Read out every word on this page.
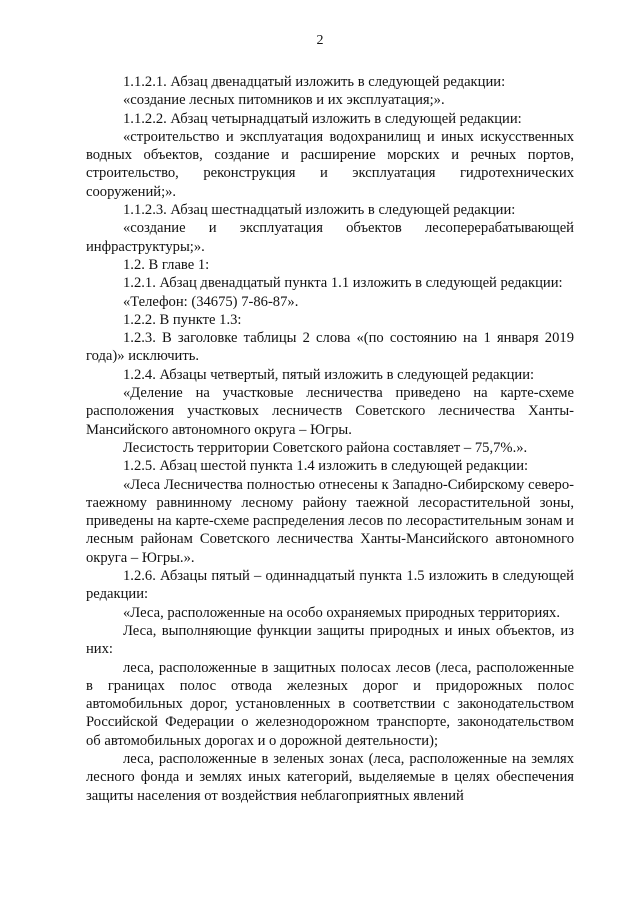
2

1.1.2.1. Абзац двенадцатый изложить в следующей редакции:

«создание лесных питомников и их эксплуатация;».

1.1.2.2. Абзац четырнадцатый изложить в следующей редакции:

«строительство и эксплуатация водохранилищ и иных искусственных водных объектов, создание и расширение морских и речных портов, строительство, реконструкция и эксплуатация гидротехнических сооружений;».

1.1.2.3. Абзац шестнадцатый изложить в следующей редакции:

«создание и эксплуатация объектов лесоперерабатывающей инфраструктуры;».

1.2. В главе 1:

1.2.1. Абзац двенадцатый пункта 1.1 изложить в следующей редакции:

«Телефон: (34675) 7-86-87».

1.2.2. В пункте 1.3:

1.2.3. В заголовке таблицы 2 слова «(по состоянию на 1 января 2019 года)» исключить.

1.2.4. Абзацы четвертый, пятый изложить в следующей редакции:

«Деление на участковые лесничества приведено на карте-схеме расположения участковых лесничеств Советского лесничества Ханты-Мансийского автономного округа – Югры.

Лесистость территории Советского района составляет – 75,7%.».

1.2.5. Абзац шестой пункта 1.4 изложить в следующей редакции:

«Леса Лесничества полностью отнесены к Западно-Сибирскому северо-таежному равнинному лесному району таежной лесорастительной зоны, приведены на карте-схеме распределения лесов по лесорастительным зонам и лесным районам Советского лесничества Ханты-Мансийского автономного округа – Югры.».

1.2.6. Абзацы пятый – одиннадцатый пункта 1.5 изложить в следующей редакции:

«Леса, расположенные на особо охраняемых природных территориях.

Леса, выполняющие функции защиты природных и иных объектов, из них:

леса, расположенные в защитных полосах лесов (леса, расположенные в границах полос отвода железных дорог и придорожных полос автомобильных дорог, установленных в соответствии с законодательством Российской Федерации о железнодорожном транспорте, законодательством об автомобильных дорогах и о дорожной деятельности);

леса, расположенные в зеленых зонах (леса, расположенные на землях лесного фонда и землях иных категорий, выделяемые в целях обеспечения защиты населения от воздействия неблагоприятных явлений
